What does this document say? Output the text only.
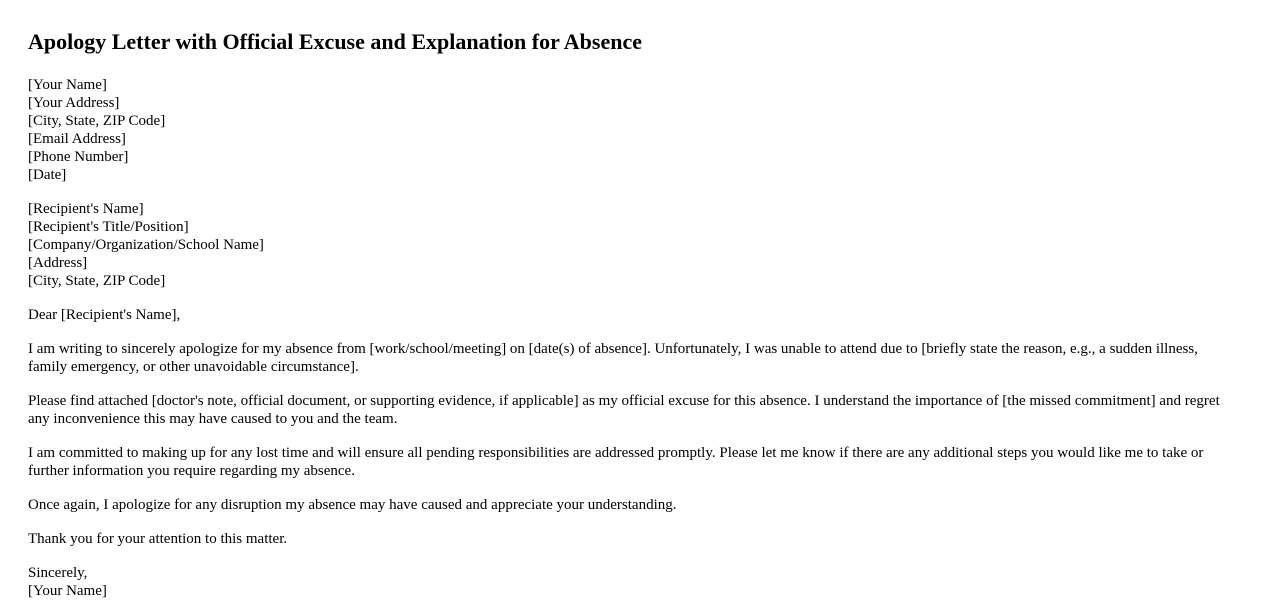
Apology Letter with Official Excuse and Explanation for Absence
[Your Name]
[Your Address]
[City, State, ZIP Code]
[Email Address]
[Phone Number]
[Date]
[Recipient's Name]
[Recipient's Title/Position]
[Company/Organization/School Name]
[Address]
[City, State, ZIP Code]

Dear [Recipient's Name],

I am writing to sincerely apologize for my absence from [work/school/meeting] on [date(s) of absence]. Unfortunately, I was unable to attend due to [briefly state the reason, e.g., a sudden illness, family emergency, or other unavoidable circumstance].

Please find attached [doctor's note, official document, or supporting evidence, if applicable] as my official excuse for this absence. I understand the importance of [the missed commitment] and regret any inconvenience this may have caused to you and the team.

I am committed to making up for any lost time and will ensure all pending responsibilities are addressed promptly. Please let me know if there are any additional steps you would like me to take or further information you require regarding my absence.

Once again, I apologize for any disruption my absence may have caused and appreciate your understanding.

Thank you for your attention to this matter.

Sincerely,
[Your Name]
